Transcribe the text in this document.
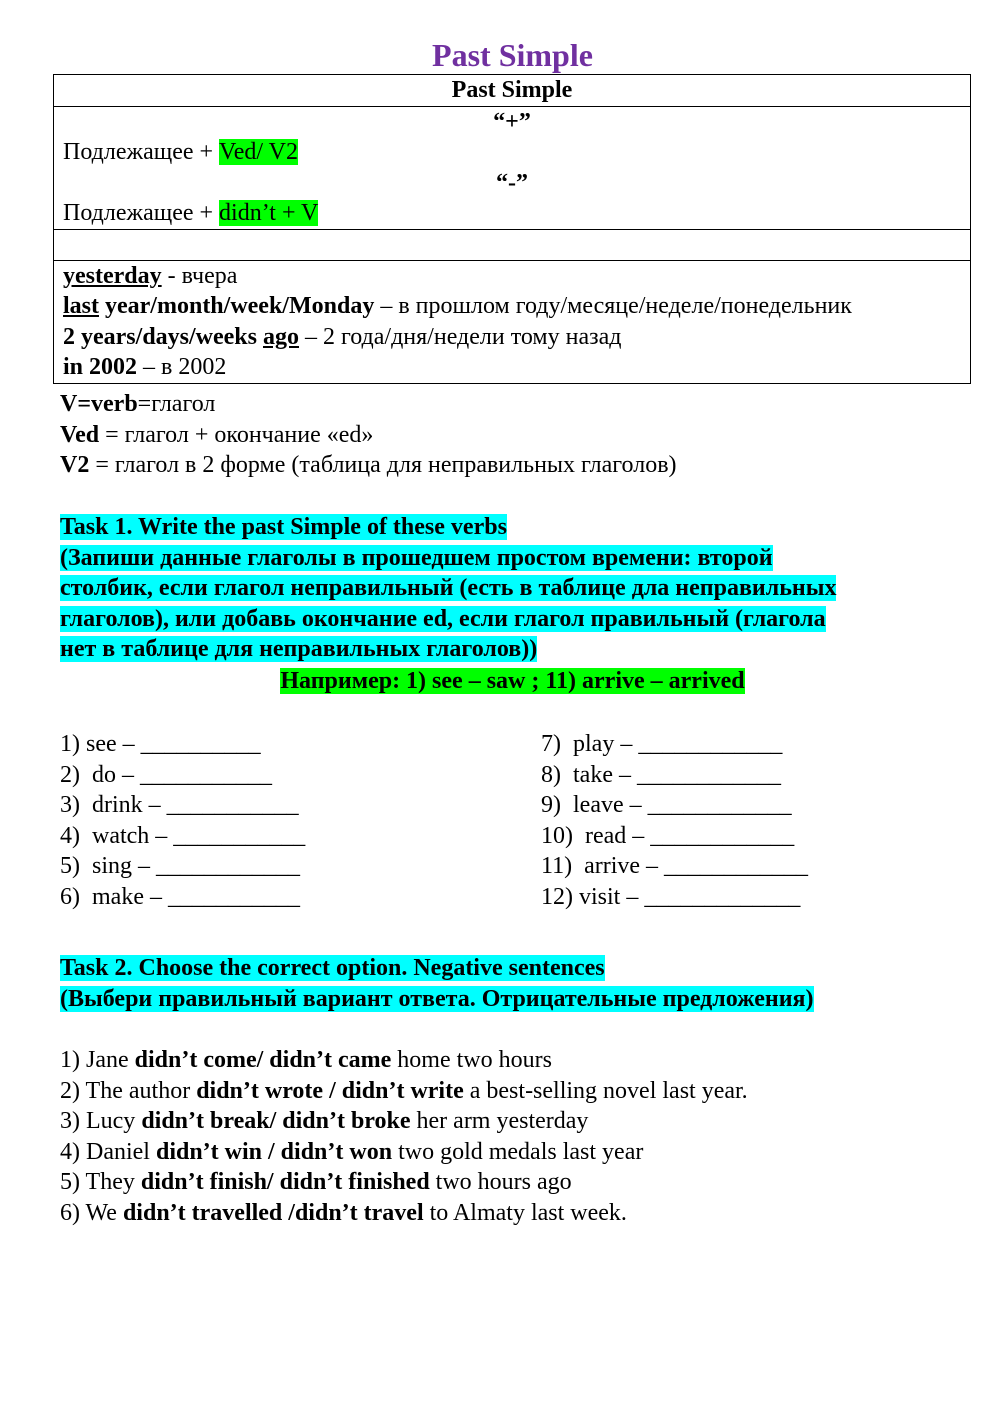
Past Simple
Past Simple

“+”
Подлежащее + Ved/ V2
“-”
Подлежащее + didn’t + V

yesterday - вчера
last year/month/week/Monday – в прошлом году/месяце/неделе/понедельник
2 years/days/weeks ago – 2 года/дня/недели тому назад
in 2002 – в 2002
V=verb=глагол
Ved = глагол + окончание «ed»
V2 = глагол в 2 форме (таблица для неправильных глаголов)
Task 1. Write the past Simple of these verbs
(Запиши данные глаголы в прошедшем простом времени: второй
столбик, если глагол неправильный (есть в таблице дла неправильных
глаголов), или добавь окончание ed, если глагол правильный (глагола
нет в таблице для неправильных глаголов))
Например: 1) see – saw ; 11) arrive – arrived
1) see – __________
2)  do – ___________
3)  drink – ___________
4)  watch – ___________
5)  sing – ____________
6)  make – ___________
7)  play – ____________
8)  take – ____________
9)  leave – ____________
10)  read – ____________
11)  arrive – ____________
12) visit – _____________
Task 2. Choose the correct option. Negative sentences
(Выбери правильный вариант ответа. Отрицательные предложения)
1) Jane didn’t come/ didn’t came home two hours
2) The author didn’t wrote / didn’t write a best-selling novel last year.
3) Lucy didn’t break/ didn’t broke her arm yesterday
4) Daniel didn’t win / didn’t won two gold medals last year
5) They didn’t finish/ didn’t finished two hours ago
6) We didn’t travelled /didn’t travel to Almaty last week.
